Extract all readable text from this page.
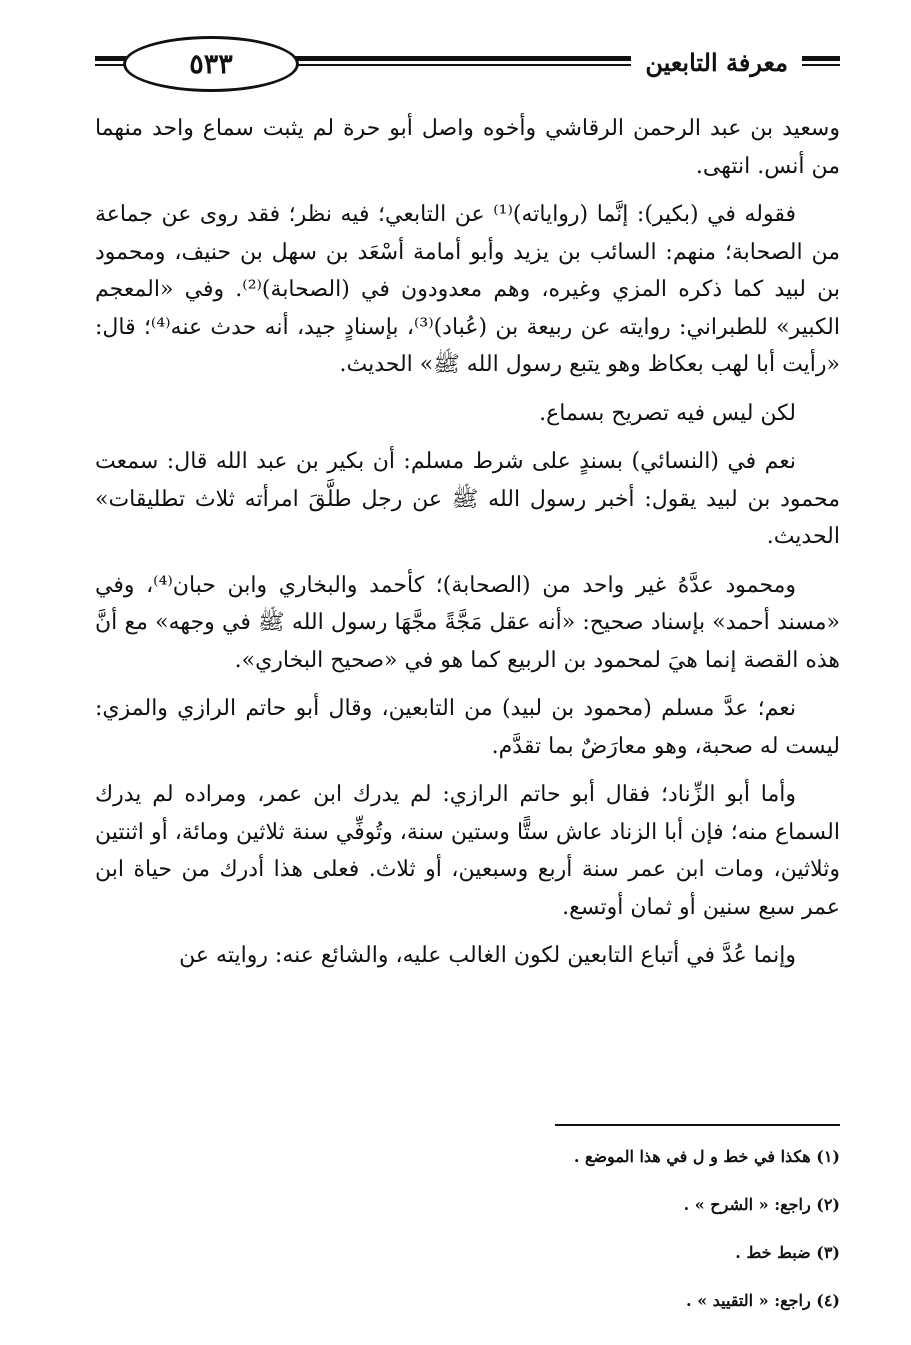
٥٣٣	معرفة التابعين

وسعيد بن عبد الرحمن الرقاشي وأخوه واصل أبو حرة لم يثبت سماع واحد منهما من أنس. انتهى.

فقوله في (بكير): إنَّما (رواياته)⁽¹⁾ عن التابعي؛ فيه نظر؛ فقد روى عن جماعة من الصحابة؛ منهم: السائب بن يزيد وأبو أمامة أسْعَد بن سهل بن حنيف، ومحمود بن لبيد كما ذكره المزي وغيره، وهم معدودون في (الصحابة)⁽²⁾. وفي «المعجم الكبير» للطبراني: روايته عن ربيعة بن (عُباد)⁽³⁾، بإسنادٍ جيد، أنه حدث عنه⁽⁴⁾؛ قال: «رأيت أبا لهب بعكاظ وهو يتبع رسول الله ﷺ» الحديث.

لكن ليس فيه تصريح بسماع.

نعم في (النسائي) بسندٍ على شرط مسلم: أن بكير بن عبد الله قال: سمعت محمود بن لبيد يقول: أخبر رسول الله ﷺ عن رجل طلَّقَ امرأته ثلاث تطليقات» الحديث.

ومحمود عدَّهُ غير واحد من (الصحابة)؛ كأحمد والبخاري وابن حبان⁽⁴⁾، وفي «مسند أحمد» بإسناد صحيح: «أنه عقل مَجَّةً مجَّهَا رسول الله ﷺ في وجهه» مع أنَّ هذه القصة إنما هيَ لمحمود بن الربيع كما هو في «صحيح البخاري».

نعم؛ عدَّ مسلم (محمود بن لبيد) من التابعين، وقال أبو حاتم الرازي والمزي: ليست له صحبة، وهو معارَضٌ بما تقدَّم.

وأما أبو الزِّناد؛ فقال أبو حاتم الرازي: لم يدرك ابن عمر، ومراده لم يدرك السماع منه؛ فإن أبا الزناد عاش ستًّا وستين سنة، وتُوفِّي سنة ثلاثين ومائة، أو اثنتين وثلاثين، ومات ابن عمر سنة أربع وسبعين، أو ثلاث. فعلى هذا أدرك من حياة ابن عمر سبع سنين أو ثمان أوتسع.

وإنما عُدَّ في أتباع التابعين لكون الغالب عليه، والشائع عنه: روايته عن

(١) هكذا في خط و ل في هذا الموضع .
(٢) راجع: « الشرح » .
(٣) ضبط خط .
(٤) راجع: « التقييد » .
